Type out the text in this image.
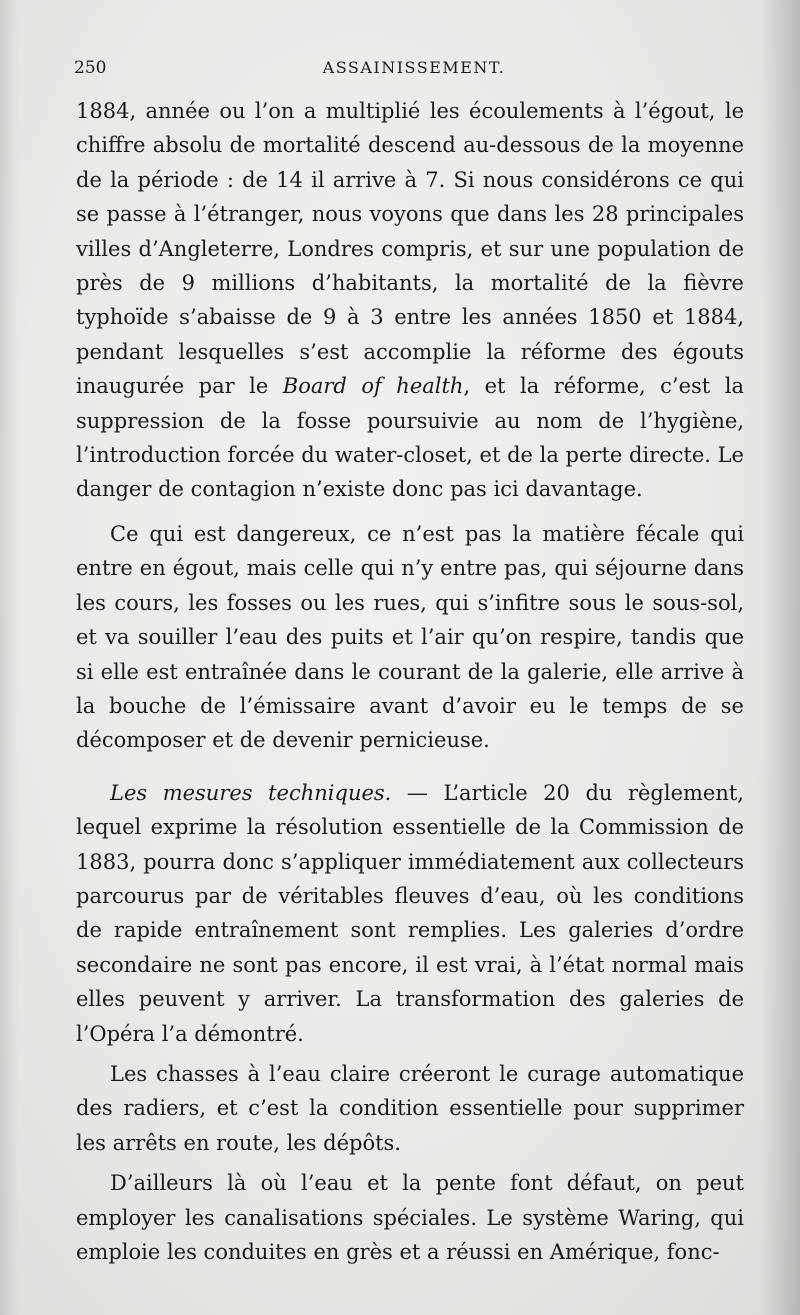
250	ASSAINISSEMENT.

1884, année ou l’on a multiplié les écoulements à l’égout, le chiffre absolu de mortalité descend au-dessous de la moyenne de la période : de 14 il arrive à 7. Si nous considérons ce qui se passe à l’étranger, nous voyons que dans les 28 principales villes d’Angleterre, Londres compris, et sur une population de près de 9 millions d’habitants, la mortalité de la fièvre typhoïde s’abaisse de 9 à 3 entre les années 1850 et 1884, pendant lesquelles s’est accomplie la réforme des égouts inaugurée par le Board of health, et la réforme, c’est la suppression de la fosse poursuivie au nom de l’hygiène, l’introduction forcée du water-closet, et de la perte directe. Le danger de contagion n’existe donc pas ici davantage.

Ce qui est dangereux, ce n’est pas la matière fécale qui entre en égout, mais celle qui n’y entre pas, qui séjourne dans les cours, les fosses ou les rues, qui s’infitre sous le sous-sol, et va souiller l’eau des puits et l’air qu’on respire, tandis que si elle est entraînée dans le courant de la galerie, elle arrive à la bouche de l’émissaire avant d’avoir eu le temps de se décomposer et de devenir pernicieuse.

Les mesures techniques. — L’article 20 du règlement, lequel exprime la résolution essentielle de la Commission de 1883, pourra donc s’appliquer immédiatement aux collecteurs parcourus par de véritables fleuves d’eau, où les conditions de rapide entraînement sont remplies. Les galeries d’ordre secondaire ne sont pas encore, il est vrai, à l’état normal mais elles peuvent y arriver. La transformation des galeries de l’Opéra l’a démontré.

Les chasses à l’eau claire créeront le curage automatique des radiers, et c’est la condition essentielle pour supprimer les arrêts en route, les dépôts.

D’ailleurs là où l’eau et la pente font défaut, on peut employer les canalisations spéciales. Le système Waring, qui emploie les conduites en grès et a réussi en Amérique, fonc-
